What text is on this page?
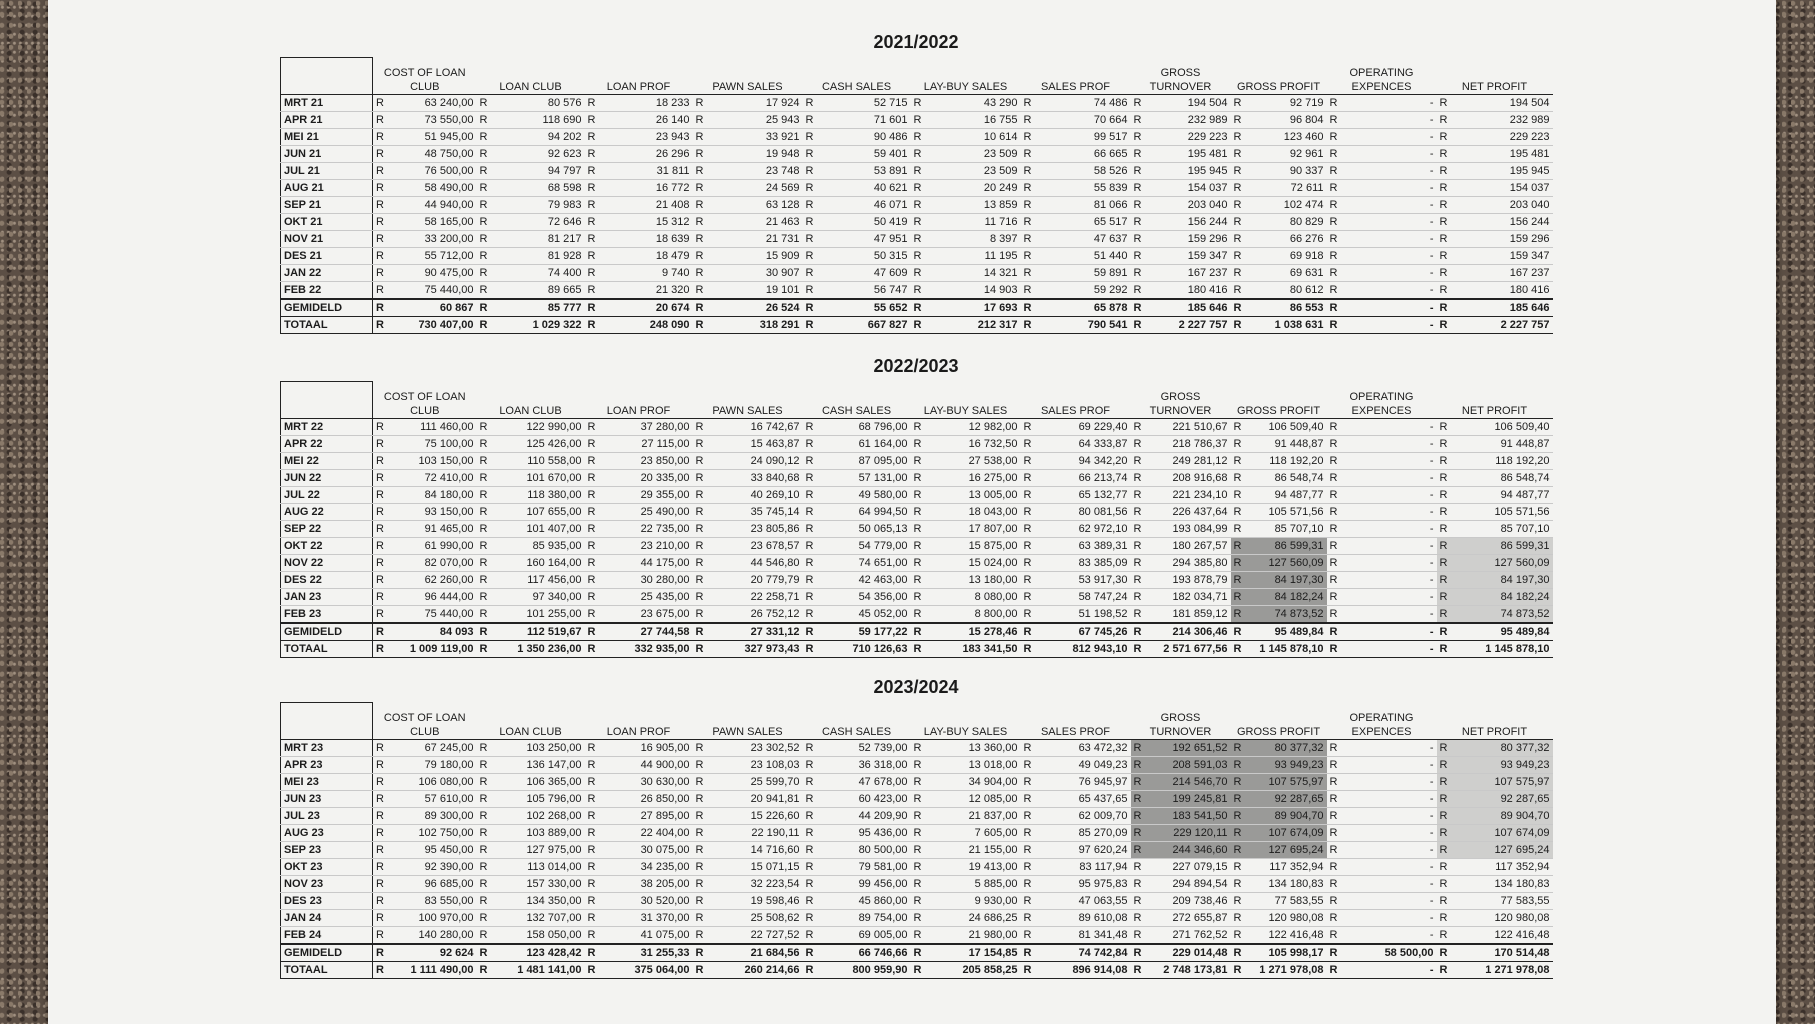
2021/2022
	COST OF LOAN
CLUB	LOAN CLUB	LOAN PROF	PAWN SALES	CASH SALES	LAY-BUY SALES	SALES PROF	GROSS
TURNOVER	GROSS PROFIT	OPERATING
EXPENCES	NET PROFIT
MRT 21	R 63 240,00	R 80 576	R 18 233	R 17 924	R 52 715	R 43 290	R 74 486	R 194 504	R 92 719	R -	R 194 504
APR 21	R 73 550,00	R 118 690	R 26 140	R 25 943	R 71 601	R 16 755	R 70 664	R 232 989	R 96 804	R -	R 232 989
MEI 21	R 51 945,00	R 94 202	R 23 943	R 33 921	R 90 486	R 10 614	R 99 517	R 229 223	R 123 460	R -	R 229 223
JUN 21	R 48 750,00	R 92 623	R 26 296	R 19 948	R 59 401	R 23 509	R 66 665	R 195 481	R 92 961	R -	R 195 481
JUL 21	R 76 500,00	R 94 797	R 31 811	R 23 748	R 53 891	R 23 509	R 58 526	R 195 945	R 90 337	R -	R 195 945
AUG 21	R 58 490,00	R 68 598	R 16 772	R 24 569	R 40 621	R 20 249	R 55 839	R 154 037	R 72 611	R -	R 154 037
SEP 21	R 44 940,00	R 79 983	R 21 408	R 63 128	R 46 071	R 13 859	R 81 066	R 203 040	R 102 474	R -	R 203 040
OKT 21	R 58 165,00	R 72 646	R 15 312	R 21 463	R 50 419	R 11 716	R 65 517	R 156 244	R 80 829	R -	R 156 244
NOV 21	R 33 200,00	R 81 217	R 18 639	R 21 731	R 47 951	R 8 397	R 47 637	R 159 296	R 66 276	R -	R 159 296
DES 21	R 55 712,00	R 81 928	R 18 479	R 15 909	R 50 315	R 11 195	R 51 440	R 159 347	R 69 918	R -	R 159 347
JAN 22	R 90 475,00	R 74 400	R 9 740	R 30 907	R 47 609	R 14 321	R 59 891	R 167 237	R 69 631	R -	R 167 237
FEB 22	R 75 440,00	R 89 665	R 21 320	R 19 101	R 56 747	R 14 903	R 59 292	R 180 416	R 80 612	R -	R 180 416
GEMIDELD	R 60 867	R 85 777	R 20 674	R 26 524	R 55 652	R 17 693	R 65 878	R 185 646	R 86 553	R -	R 185 646
TOTAAL	R 730 407,00	R 1 029 322	R 248 090	R 318 291	R 667 827	R 212 317	R 790 541	R 2 227 757	R 1 038 631	R -	R 2 227 757
2022/2023
	COST OF LOAN
CLUB	LOAN CLUB	LOAN PROF	PAWN SALES	CASH SALES	LAY-BUY SALES	SALES PROF	GROSS
TURNOVER	GROSS PROFIT	OPERATING
EXPENCES	NET PROFIT
MRT 22	R 111 460,00	R 122 990,00	R 37 280,00	R 16 742,67	R 68 796,00	R 12 982,00	R 69 229,40	R 221 510,67	R 106 509,40	R -	R 106 509,40
APR 22	R 75 100,00	R 125 426,00	R 27 115,00	R 15 463,87	R 61 164,00	R 16 732,50	R 64 333,87	R 218 786,37	R 91 448,87	R -	R 91 448,87
MEI 22	R 103 150,00	R 110 558,00	R 23 850,00	R 24 090,12	R 87 095,00	R 27 538,00	R 94 342,20	R 249 281,12	R 118 192,20	R -	R 118 192,20
JUN 22	R 72 410,00	R 101 670,00	R 20 335,00	R 33 840,68	R 57 131,00	R 16 275,00	R 66 213,74	R 208 916,68	R 86 548,74	R -	R 86 548,74
JUL 22	R 84 180,00	R 118 380,00	R 29 355,00	R 40 269,10	R 49 580,00	R 13 005,00	R 65 132,77	R 221 234,10	R 94 487,77	R -	R 94 487,77
AUG 22	R 93 150,00	R 107 655,00	R 25 490,00	R 35 745,14	R 64 994,50	R 18 043,00	R 80 081,56	R 226 437,64	R 105 571,56	R -	R 105 571,56
SEP 22	R 91 465,00	R 101 407,00	R 22 735,00	R 23 805,86	R 50 065,13	R 17 807,00	R 62 972,10	R 193 084,99	R 85 707,10	R -	R 85 707,10
OKT 22	R 61 990,00	R 85 935,00	R 23 210,00	R 23 678,57	R 54 779,00	R 15 875,00	R 63 389,31	R 180 267,57	R 86 599,31	R -	R 86 599,31
NOV 22	R 82 070,00	R 160 164,00	R 44 175,00	R 44 546,80	R 74 651,00	R 15 024,00	R 83 385,09	R 294 385,80	R 127 560,09	R -	R 127 560,09
DES 22	R 62 260,00	R 117 456,00	R 30 280,00	R 20 779,79	R 42 463,00	R 13 180,00	R 53 917,30	R 193 878,79	R 84 197,30	R -	R 84 197,30
JAN 23	R 96 444,00	R 97 340,00	R 25 435,00	R 22 258,71	R 54 356,00	R 8 080,00	R 58 747,24	R 182 034,71	R 84 182,24	R -	R 84 182,24
FEB 23	R 75 440,00	R 101 255,00	R 23 675,00	R 26 752,12	R 45 052,00	R 8 800,00	R 51 198,52	R 181 859,12	R 74 873,52	R -	R 74 873,52
GEMIDELD	R 84 093	R 112 519,67	R 27 744,58	R 27 331,12	R 59 177,22	R 15 278,46	R 67 745,26	R 214 306,46	R 95 489,84	R -	R 95 489,84
TOTAAL	R 1 009 119,00	R 1 350 236,00	R 332 935,00	R 327 973,43	R 710 126,63	R 183 341,50	R 812 943,10	R 2 571 677,56	R 1 145 878,10	R -	R 1 145 878,10
2023/2024
	COST OF LOAN
CLUB	LOAN CLUB	LOAN PROF	PAWN SALES	CASH SALES	LAY-BUY SALES	SALES PROF	GROSS
TURNOVER	GROSS PROFIT	OPERATING
EXPENCES	NET PROFIT
MRT 23	R 67 245,00	R 103 250,00	R 16 905,00	R 23 302,52	R 52 739,00	R 13 360,00	R 63 472,32	R 192 651,52	R 80 377,32	R -	R 80 377,32
APR 23	R 79 180,00	R 136 147,00	R 44 900,00	R 23 108,03	R 36 318,00	R 13 018,00	R 49 049,23	R 208 591,03	R 93 949,23	R -	R 93 949,23
MEI 23	R 106 080,00	R 106 365,00	R 30 630,00	R 25 599,70	R 47 678,00	R 34 904,00	R 76 945,97	R 214 546,70	R 107 575,97	R -	R 107 575,97
JUN 23	R 57 610,00	R 105 796,00	R 26 850,00	R 20 941,81	R 60 423,00	R 12 085,00	R 65 437,65	R 199 245,81	R 92 287,65	R -	R 92 287,65
JUL 23	R 89 300,00	R 102 268,00	R 27 895,00	R 15 226,60	R 44 209,90	R 21 837,00	R 62 009,70	R 183 541,50	R 89 904,70	R -	R 89 904,70
AUG 23	R 102 750,00	R 103 889,00	R 22 404,00	R 22 190,11	R 95 436,00	R 7 605,00	R 85 270,09	R 229 120,11	R 107 674,09	R -	R 107 674,09
SEP 23	R 95 450,00	R 127 975,00	R 30 075,00	R 14 716,60	R 80 500,00	R 21 155,00	R 97 620,24	R 244 346,60	R 127 695,24	R -	R 127 695,24
OKT 23	R 92 390,00	R 113 014,00	R 34 235,00	R 15 071,15	R 79 581,00	R 19 413,00	R 83 117,94	R 227 079,15	R 117 352,94	R -	R 117 352,94
NOV 23	R 96 685,00	R 157 330,00	R 38 205,00	R 32 223,54	R 99 456,00	R 5 885,00	R 95 975,83	R 294 894,54	R 134 180,83	R -	R 134 180,83
DES 23	R 83 550,00	R 134 350,00	R 30 520,00	R 19 598,46	R 45 860,00	R 9 930,00	R 47 063,55	R 209 738,46	R 77 583,55	R -	R 77 583,55
JAN 24	R 100 970,00	R 132 707,00	R 31 370,00	R 25 508,62	R 89 754,00	R 24 686,25	R 89 610,08	R 272 655,87	R 120 980,08	R -	R 120 980,08
FEB 24	R 140 280,00	R 158 050,00	R 41 075,00	R 22 727,52	R 69 005,00	R 21 980,00	R 81 341,48	R 271 762,52	R 122 416,48	R -	R 122 416,48
GEMIDELD	R 92 624	R 123 428,42	R 31 255,33	R 21 684,56	R 66 746,66	R 17 154,85	R 74 742,84	R 229 014,48	R 105 998,17	R 58 500,00	R 170 514,48
TOTAAL	R 1 111 490,00	R 1 481 141,00	R 375 064,00	R 260 214,66	R 800 959,90	R 205 858,25	R 896 914,08	R 2 748 173,81	R 1 271 978,08	R -	R 1 271 978,08
